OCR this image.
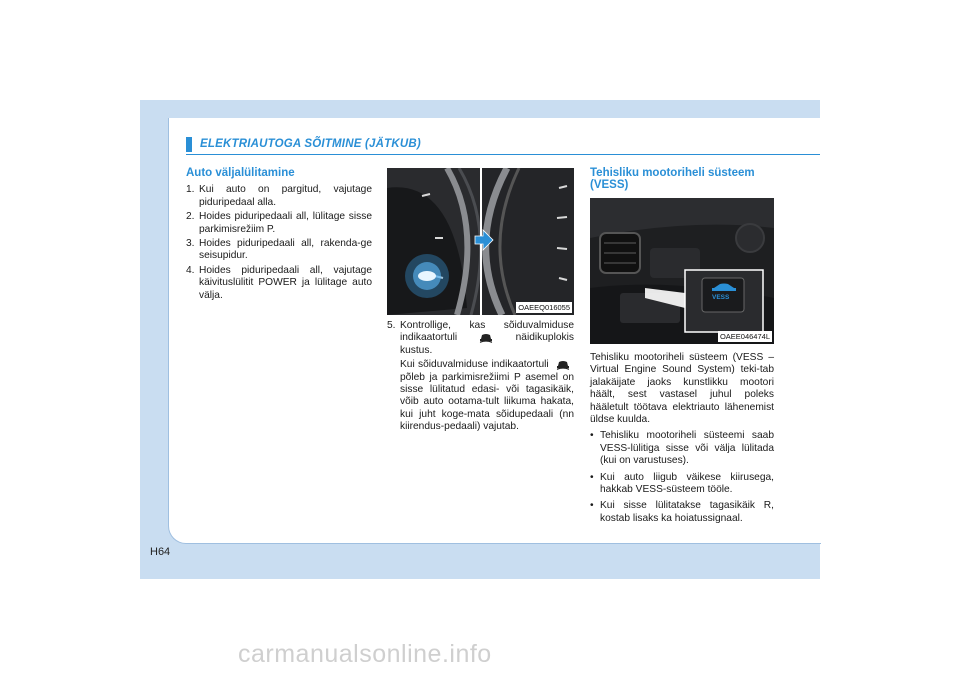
ELEKTRIAUTOGA SÕITMINE (JÄTKUB)
Auto väljalülitamine
1. Kui auto on pargitud, vajutage piduripedaal alla.
2. Hoides piduripedaali all, lülitage sisse parkimisrežiim P.
3. Hoides piduripedaali all, rakenda-ge seisupidur.
4. Hoides piduripedaali all, vajutage käivituslülitit POWER ja lülitage auto välja.
OAEEQ016055
5. Kontrollige, kas sõiduvalmiduse indikaatortuli	näidikuplokis kustus.
Kui sõiduvalmiduse indikaatortuli  põleb ja parkimisrežiimi P asemel on sisse lülitatud edasi- või tagasikäik, võib auto ootama-tult liikuma hakata, kui juht koge-mata sõidupedaali (nn kiirendus-pedaali) vajutab.
Tehisliku mootoriheli süsteem (VESS)
VESS
OAEE046474L
Tehisliku mootoriheli süsteem (VESS – Virtual Engine Sound System) teki-tab jalakäijate jaoks kunstlikku mootori häält, sest vastasel juhul poleks hääletult töötava elektriauto lähenemist üldse kuulda.
• Tehisliku mootoriheli süsteemi saab VESS-lülitiga sisse või välja lülitada (kui on varustuses).
• Kui auto liigub väikese kiirusega, hakkab VESS-süsteem tööle.
• Kui sisse lülitatakse tagasikäik R, kostab lisaks ka hoiatussignaal.
H64
carmanualsonline.info
